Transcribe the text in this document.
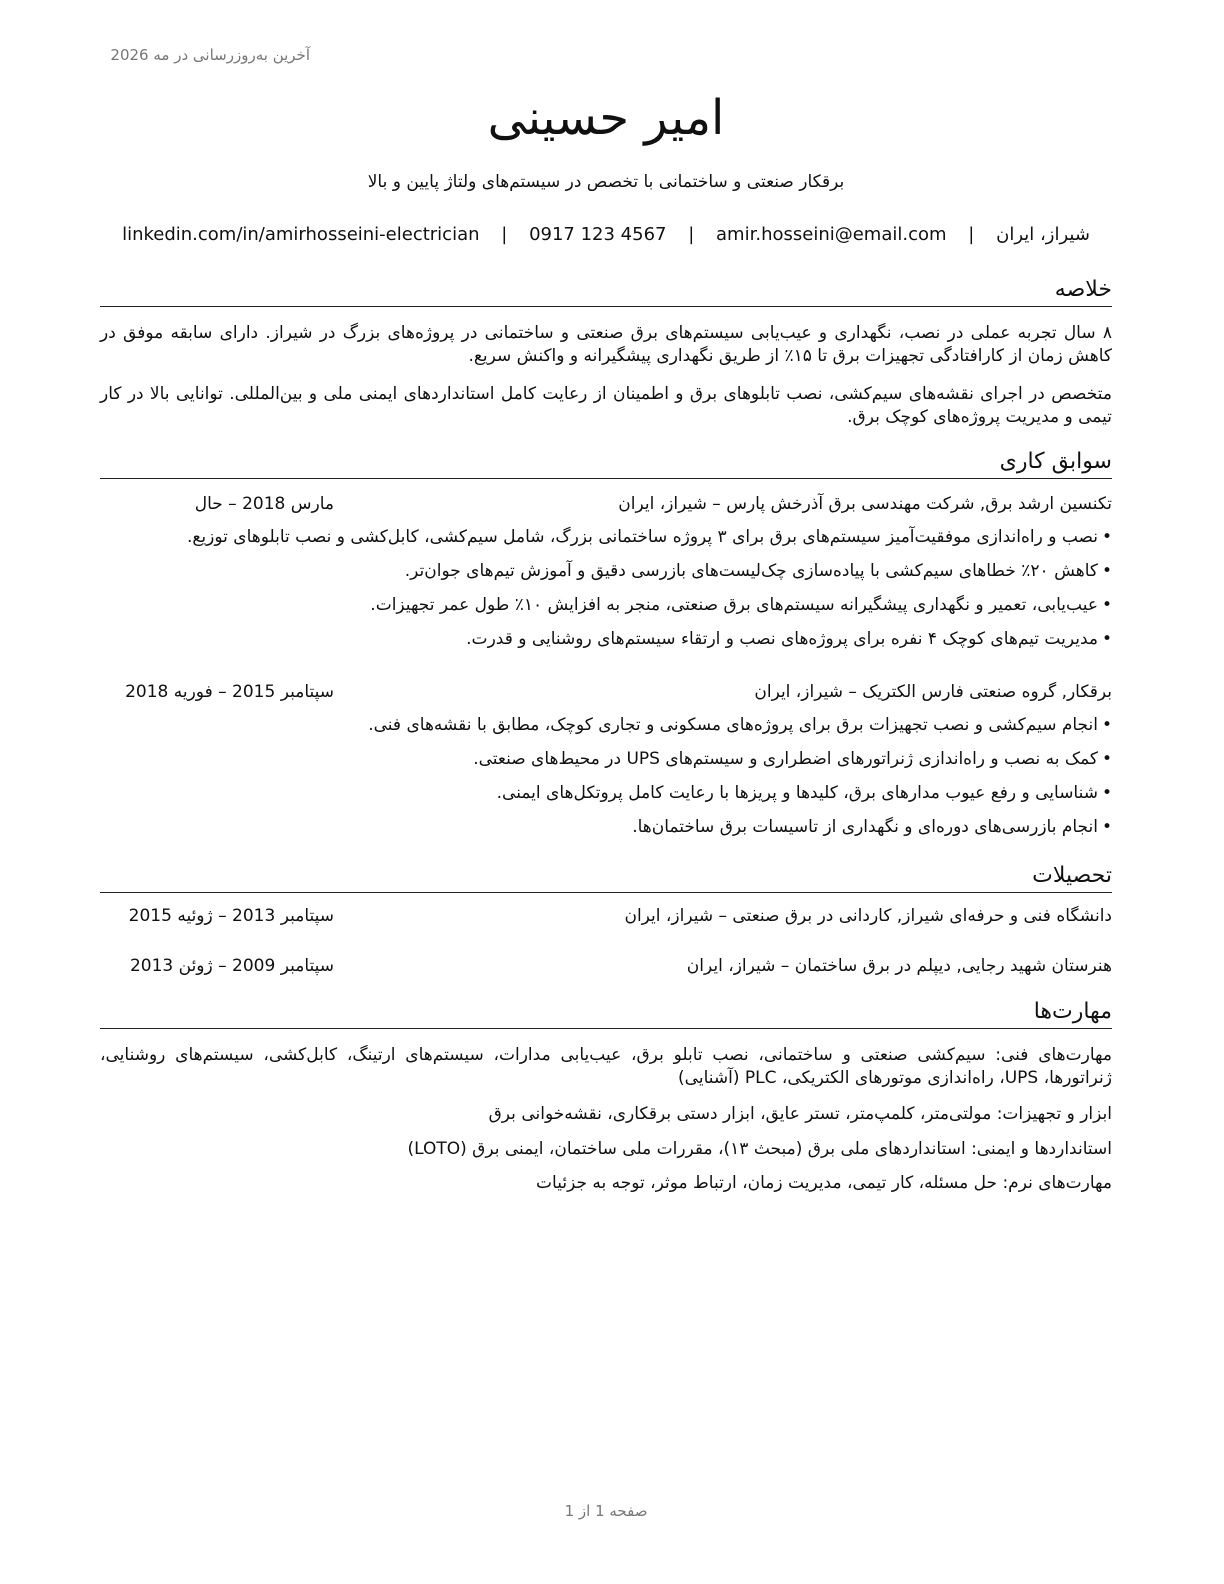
آخرین به‌روزرسانی در مه 2026
امیر حسینی
برقکار صنعتی و ساختمانی با تخصص در سیستم‌های ولتاژ پایین و بالا
شیراز، ایران | amir.hosseini@email.com | 0917 123 4567 | linkedin.com/in/amirhosseini-electrician
خلاصه

۸ سال تجربه عملی در نصب، نگهداری و عیب‌یابی سیستم‌های برق صنعتی و ساختمانی در پروژه‌های بزرگ در شیراز. دارای سابقه موفق در کاهش زمان از کارافتادگی تجهیزات برق تا ۱۵٪ از طریق نگهداری پیشگیرانه و واکنش سریع.

متخصص در اجرای نقشه‌های سیم‌کشی، نصب تابلوهای برق و اطمینان از رعایت کامل استانداردهای ایمنی ملی و بین‌المللی. توانایی بالا در کار تیمی و مدیریت پروژه‌های کوچک برق.

سوابق کاری
تکنسین ارشد برق, شرکت مهندسی برق آذرخش پارس – شیراز، ایران
مارس 2018 – حال
•نصب و راه‌اندازی موفقیت‌آمیز سیستم‌های برق برای ۳ پروژه ساختمانی بزرگ، شامل سیم‌کشی، کابل‌کشی و نصب تابلوهای توزیع.
•کاهش ۲۰٪ خطاهای سیم‌کشی با پیاده‌سازی چک‌لیست‌های بازرسی دقیق و آموزش تیم‌های جوان‌تر.
•عیب‌یابی، تعمیر و نگهداری پیشگیرانه سیستم‌های برق صنعتی، منجر به افزایش ۱۰٪ طول عمر تجهیزات.
•مدیریت تیم‌های کوچک ۴ نفره برای پروژه‌های نصب و ارتقاء سیستم‌های روشنایی و قدرت.
برقکار, گروه صنعتی فارس الکتریک – شیراز، ایران
سپتامبر 2015 – فوریه 2018
•انجام سیم‌کشی و نصب تجهیزات برق برای پروژه‌های مسکونی و تجاری کوچک، مطابق با نقشه‌های فنی.
•کمک به نصب و راه‌اندازی ژنراتورهای اضطراری و سیستم‌های UPS در محیط‌های صنعتی.
•شناسایی و رفع عیوب مدارهای برق، کلیدها و پریزها با رعایت کامل پروتکل‌های ایمنی.
•انجام بازرسی‌های دوره‌ای و نگهداری از تاسیسات برق ساختمان‌ها.
تحصیلات
دانشگاه فنی و حرفه‌ای شیراز, کاردانی در برق صنعتی – شیراز، ایران
سپتامبر 2013 – ژوئیه 2015
هنرستان شهید رجایی, دیپلم در برق ساختمان – شیراز، ایران
سپتامبر 2009 – ژوئن 2013
مهارت‌ها
مهارت‌های فنی: سیم‌کشی صنعتی و ساختمانی، نصب تابلو برق، عیب‌یابی مدارات، سیستم‌های ارتینگ، کابل‌کشی، سیستم‌های روشنایی، ژنراتورها، UPS، راه‌اندازی موتورهای الکتریکی، PLC (آشنایی)
ابزار و تجهیزات: مولتی‌متر، کلمپ‌متر، تستر عایق، ابزار دستی برقکاری، نقشه‌خوانی برق
استانداردها و ایمنی: استانداردهای ملی برق (مبحث ۱۳)، مقررات ملی ساختمان، ایمنی برق (LOTO)
مهارت‌های نرم: حل مسئله، کار تیمی، مدیریت زمان، ارتباط موثر، توجه به جزئیات
صفحه 1 از 1
